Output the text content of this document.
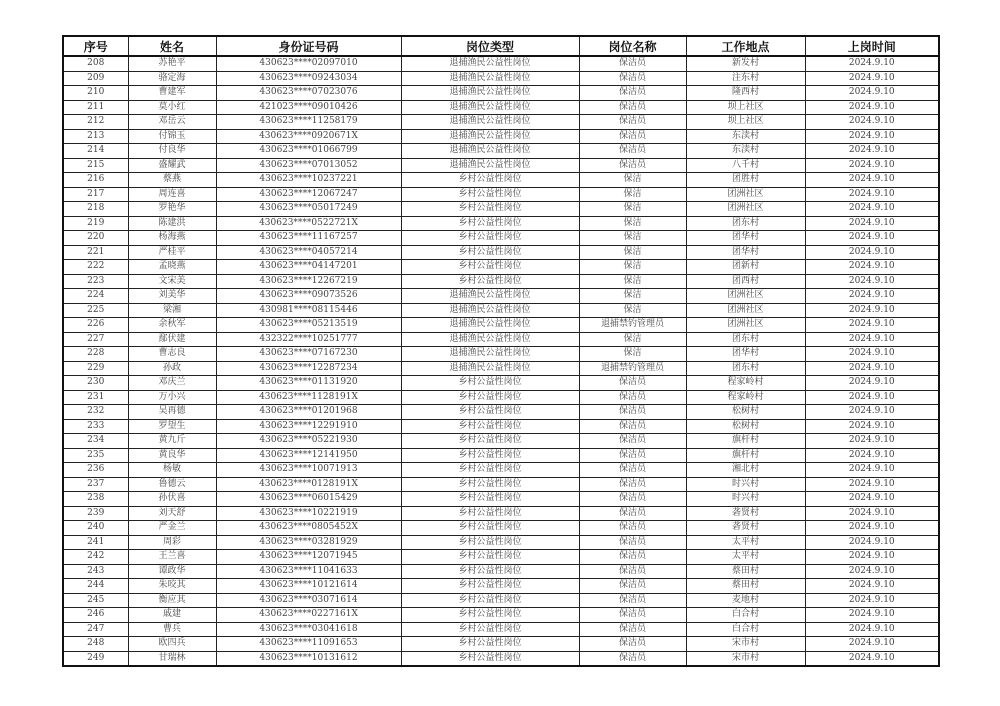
序号	姓名	身份证号码	岗位类型	岗位名称	工作地点	上岗时间
208	苏艳平	430623****02097010	退捕渔民公益性岗位	保洁员	新发村	2024.9.10
209	骆定海	430623****09243034	退捕渔民公益性岗位	保洁员	注东村	2024.9.10
210	曹建军	430623****07023076	退捕渔民公益性岗位	保洁员	隆西村	2024.9.10
211	莫小红	421023****09010426	退捕渔民公益性岗位	保洁员	坝上社区	2024.9.10
212	邓岳云	430623****11258179	退捕渔民公益性岗位	保洁员	坝上社区	2024.9.10
213	付锦玉	430623****0920671X	退捕渔民公益性岗位	保洁员	东渎村	2024.9.10
214	付良华	430623****01066799	退捕渔民公益性岗位	保洁员	东渎村	2024.9.10
215	盛耀武	430623****07013052	退捕渔民公益性岗位	保洁员	八千村	2024.9.10
216	蔡燕	430623****10237221	乡村公益性岗位	保洁	团胜村	2024.9.10
217	周连喜	430623****12067247	乡村公益性岗位	保洁	团洲社区	2024.9.10
218	罗艳华	430623****05017249	乡村公益性岗位	保洁	团洲社区	2024.9.10
219	陈建洪	430623****0522721X	乡村公益性岗位	保洁	团东村	2024.9.10
220	杨海燕	430623****11167257	乡村公益性岗位	保洁	团华村	2024.9.10
221	严桂平	430623****04057214	乡村公益性岗位	保洁	团华村	2024.9.10
222	孟晓燕	430623****04147201	乡村公益性岗位	保洁	团新村	2024.9.10
223	文宋美	430623****12267219	乡村公益性岗位	保洁	团西村	2024.9.10
224	刘美华	430623****09073526	退捕渔民公益性岗位	保洁	团洲社区	2024.9.10
225	梁湘	430981****08115446	退捕渔民公益性岗位	保洁	团洲社区	2024.9.10
226	余秋军	430623****05213519	退捕渔民公益性岗位	退捕禁钓管理员	团洲社区	2024.9.10
227	鄢伏建	432322****10251777	退捕渔民公益性岗位	保洁	团东村	2024.9.10
228	曹志良	430623****07167230	退捕渔民公益性岗位	保洁	团华村	2024.9.10
229	孙政	430623****12287234	退捕渔民公益性岗位	退捕禁钓管理员	团东村	2024.9.10
230	邓庆兰	430623****01131920	乡村公益性岗位	保洁员	程家岭村	2024.9.10
231	万小兴	430623****1128191X	乡村公益性岗位	保洁员	程家岭村	2024.9.10
232	吴再德	430623****01201968	乡村公益性岗位	保洁员	松树村	2024.9.10
233	罗望生	430623****12291910	乡村公益性岗位	保洁员	松树村	2024.9.10
234	黄九斤	430623****05221930	乡村公益性岗位	保洁员	旗杆村	2024.9.10
235	黄良华	430623****12141950	乡村公益性岗位	保洁员	旗杆村	2024.9.10
236	杨敏	430623****10071913	乡村公益性岗位	保洁员	湘北村	2024.9.10
237	鲁德云	430623****0128191X	乡村公益性岗位	保洁员	时兴村	2024.9.10
238	孙伏喜	430623****06015429	乡村公益性岗位	保洁员	时兴村	2024.9.10
239	刘天舒	430623****10221919	乡村公益性岗位	保洁员	砻贤村	2024.9.10
240	严金兰	430623****0805452X	乡村公益性岗位	保洁员	砻贤村	2024.9.10
241	周彩	430623****03281929	乡村公益性岗位	保洁员	太平村	2024.9.10
242	王兰喜	430623****12071945	乡村公益性岗位	保洁员	太平村	2024.9.10
243	谭政华	430623****11041633	乡村公益性岗位	保洁员	蔡田村	2024.9.10
244	朱咬其	430623****10121614	乡村公益性岗位	保洁员	蔡田村	2024.9.10
245	衡应其	430623****03071614	乡村公益性岗位	保洁员	麦地村	2024.9.10
246	戚建	430623****0227161X	乡村公益性岗位	保洁员	白合村	2024.9.10
247	曹兵	430623****03041618	乡村公益性岗位	保洁员	白合村	2024.9.10
248	欧四兵	430623****11091653	乡村公益性岗位	保洁员	宋市村	2024.9.10
249	甘瑞林	430623****10131612	乡村公益性岗位	保洁员	宋市村	2024.9.10
